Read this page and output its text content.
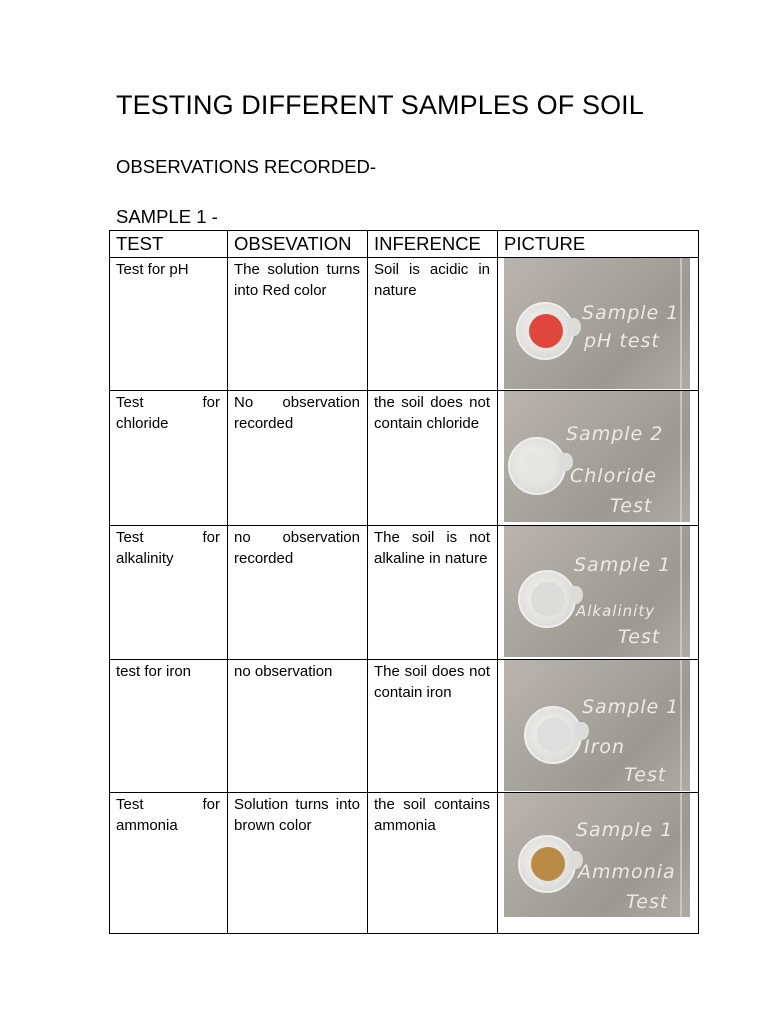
TESTING DIFFERENT SAMPLES OF SOIL
OBSERVATIONS RECORDED-
SAMPLE 1 -
TEST	OBSEVATION	INFERENCE	PICTURE
Test for pH	The solution turns into Red color	Soil is acidic in nature	Sample 1
pH test

Test for chloride	No observation recorded	the soil does not contain chloride	Sample 2
Chloride
Test

Test for alkalinity	no observation recorded	The soil is not alkaline in nature	Sample 1
Alkalinity
Test

test for iron	no observation	The soil does not contain iron	Sample 1
Iron
Test

Test for ammonia	Solution turns into brown color	the soil contains ammonia	Sample 1
Ammonia
Test
